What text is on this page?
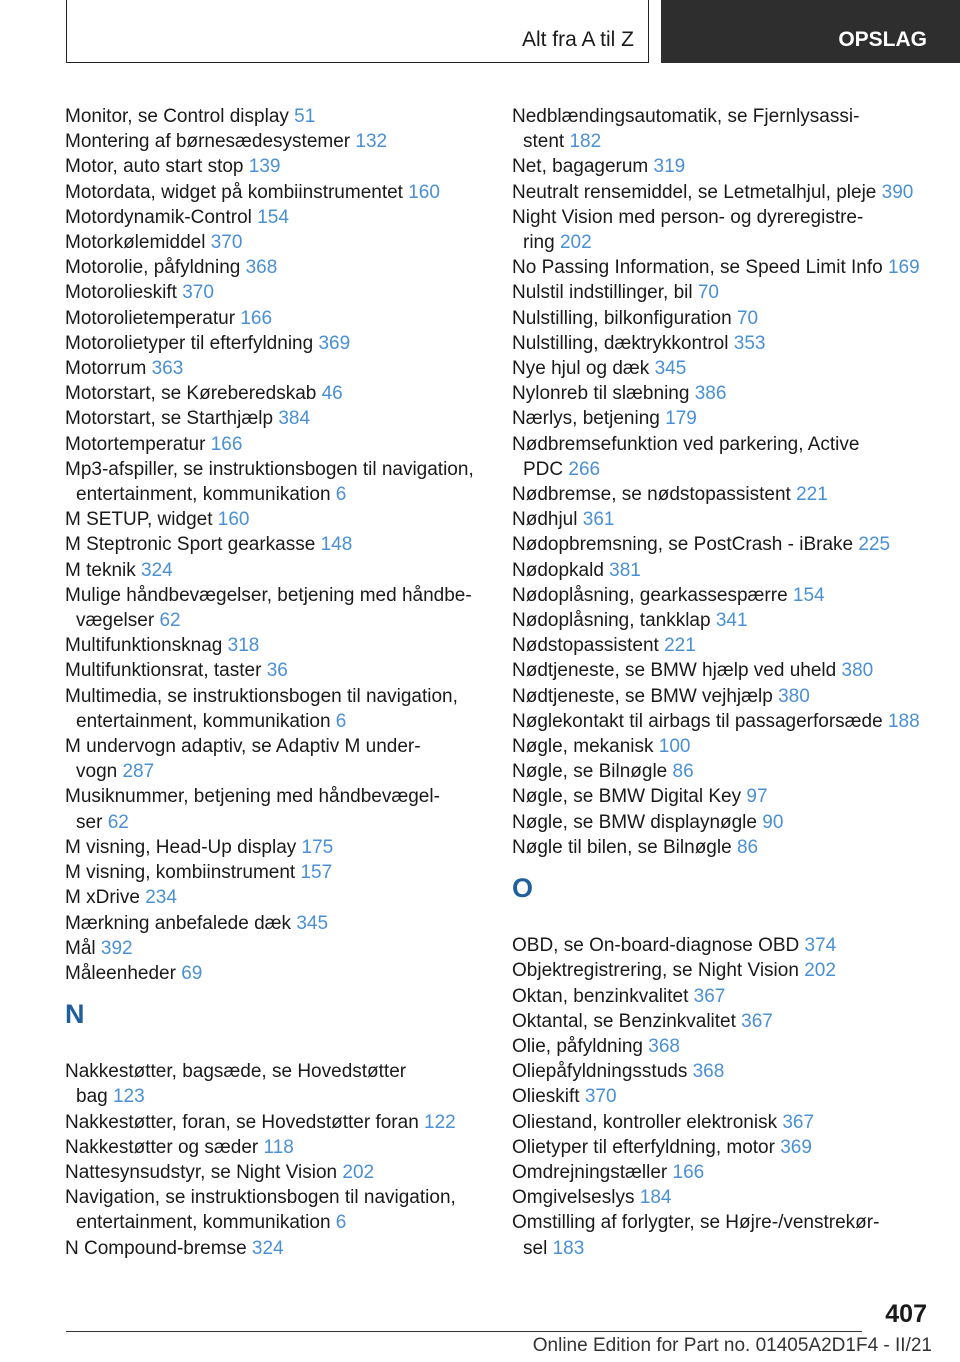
Alt fra A til Z	OPSLAG
Monitor, se Control display 51
Montering af børnesædesystemer 132
Motor, auto start stop 139
Motordata, widget på kombiinstrumentet 160
Motordynamik-Control 154
Motorkølemiddel 370
Motorolie, påfyldning 368
Motorolieskift 370
Motorolietemperatur 166
Motorolietyper til efterfyldning 369
Motorrum 363
Motorstart, se Køreberedskab 46
Motorstart, se Starthjælp 384
Motortemperatur 166
Mp3-afspiller, se instruktionsbogen til navigation,
entertainment, kommunikation 6
M SETUP, widget 160
M Steptronic Sport gearkasse 148
M teknik 324
Mulige håndbevægelser, betjening med håndbe‐
vægelser 62
Multifunktionsknag 318
Multifunktionsrat, taster 36
Multimedia, se instruktionsbogen til navigation,
entertainment, kommunikation 6
M undervogn adaptiv, se Adaptiv M under‐
vogn 287
Musiknummer, betjening med håndbevægel‐
ser 62
M visning, Head-Up display 175
M visning, kombiinstrument 157
M xDrive 234
Mærkning anbefalede dæk 345
Mål 392
Måleenheder 69
N
Nakkestøtter, bagsæde, se Hovedstøtter
bag 123
Nakkestøtter, foran, se Hovedstøtter foran 122
Nakkestøtter og sæder 118
Nattesynsudstyr, se Night Vision 202
Navigation, se instruktionsbogen til navigation,
entertainment, kommunikation 6
N Compound-bremse 324
Nedblændingsautomatik, se Fjernlysassi‐
stent 182
Net, bagagerum 319
Neutralt rensemiddel, se Letmetalhjul, pleje 390
Night Vision med person- og dyreregistre‐
ring 202
No Passing Information, se Speed Limit Info 169
Nulstil indstillinger, bil 70
Nulstilling, bilkonfiguration 70
Nulstilling, dæktrykkontrol 353
Nye hjul og dæk 345
Nylonreb til slæbning 386
Nærlys, betjening 179
Nødbremsefunktion ved parkering, Active
PDC 266
Nødbremse, se nødstopassistent 221
Nødhjul 361
Nødopbremsning, se PostCrash - iBrake 225
Nødopkald 381
Nødoplåsning, gearkassespærre 154
Nødoplåsning, tankklap 341
Nødstopassistent 221
Nødtjeneste, se BMW hjælp ved uheld 380
Nødtjeneste, se BMW vejhjælp 380
Nøglekontakt til airbags til passagerforsæde 188
Nøgle, mekanisk 100
Nøgle, se Bilnøgle 86
Nøgle, se BMW Digital Key 97
Nøgle, se BMW displaynøgle 90
Nøgle til bilen, se Bilnøgle 86
O
OBD, se On-board-diagnose OBD 374
Objektregistrering, se Night Vision 202
Oktan, benzinkvalitet 367
Oktantal, se Benzinkvalitet 367
Olie, påfyldning 368
Oliepåfyldningsstuds 368
Olieskift 370
Oliestand, kontroller elektronisk 367
Olietyper til efterfyldning, motor 369
Omdrejningstæller 166
Omgivelseslys 184
Omstilling af forlygter, se Højre-/venstrekør‐
sel 183
407
Online Edition for Part no. 01405A2D1F4 - II/21
